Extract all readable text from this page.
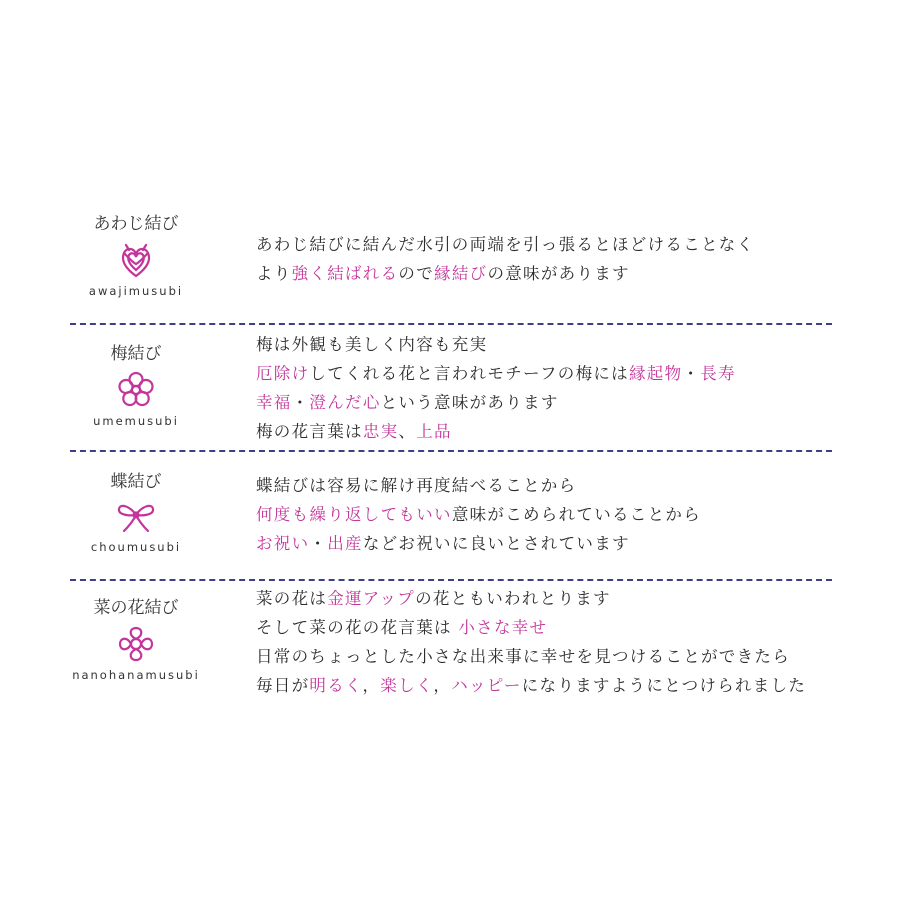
あわじ結び
awajimusubi
あわじ結びに結んだ水引の両端を引っ張るとほどけることなく
より強く結ばれるので縁結びの意味があります
梅結び
umemusubi
梅は外観も美しく内容も充実
厄除けしてくれる花と言われモチーフの梅には縁起物・長寿
幸福・澄んだ心という意味があります
梅の花言葉は忠実、上品
蝶結び
choumusubi
蝶結びは容易に解け再度結べることから
何度も繰り返してもいい意味がこめられていることから
お祝い・出産などお祝いに良いとされています
菜の花結び
nanohanamusubi
菜の花は金運アップの花ともいわれとります
そして菜の花の花言葉は 小さな幸せ
日常のちょっとした小さな出来事に幸せを見つけることができたら
毎日が明るく，楽しく，ハッピーになりますようにとつけられました
